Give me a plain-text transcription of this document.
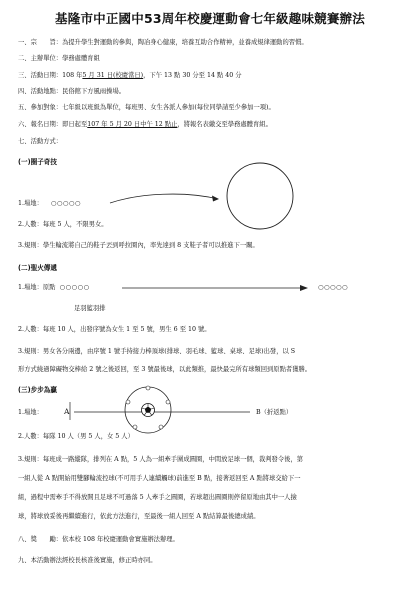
基隆市中正國中53周年校慶運動會七年級趣味競賽辦法
一、宗　　旨：為提升學生對運動的參與，陶冶身心健康，培養互助合作精神，並養成規律運動的習慣。
二、主辦單位：學務處體育組
三、活動日期：108 年5 月 31 日(校慶當日)，下午 13 點 30 分至 14 點 40 分
四、活動地點：民俗館下方風雨操場。
五、參加對象：七年級以班級為單位，每班男、女生各派人參加(每位同學請至少參加一項)。
六、報名日期：即日起至107 年 5 月 20 日中午 12 點止，將報名表繳交至學務處體育組。
七、活動方式：
(一)圈子奇技
1.場地： ○○○○○
2.人數：每班 5 人，不限男女。
3.規則：學生輪流將自己的鞋子丟到呼拉圈內，率先達到 8 支鞋子者可以推進下一關。
(二)聖火傳遞
1.場地：原點 ○○○○○	○○○○○
足羽籃羽排
2.人數：每班 10 人，出發序號為女生 1 至 5 號，男生 6 至 10 號。
3.規則：男女各分兩邊，由序號 1 號手持接力棒頂球(排球、羽毛球、籃球、桌球、足球)出發，以 S
形方式繞過障礙物交棒給 2 號之後返回，至 3 號最後球，以此類推，最快最完所有球類回到原點者獲勝。
(三)步步為贏
1.場地：	A	B（折返點）
2.人數：每隊 10 人（男 5 人，女 5 人）
3.規則：每班成一路縱隊，排列在 A 點，5 人為一組牽手圍成圓圈，中間放足球一個，裁判發令後，第
一組人從 A 點開始用雙腳輪流控球(不可用手人連續觸球)前進至 B 點，接著返回至 A 點將球交給下一
組，過程中需牽手不得放開且足球不可過落 5 人牽手之圓圈，若球超出圓圈則停留原地由其中一人撿
球，將球放妥後再繼續進行，依此方法進行，至最後一組人回至 A 點結算最後總成績。
八、獎　　勵：依本校 108 年校慶運動會實施辦法辦理。
九、本活動辦法經校長核准後實施，修正時亦同。
